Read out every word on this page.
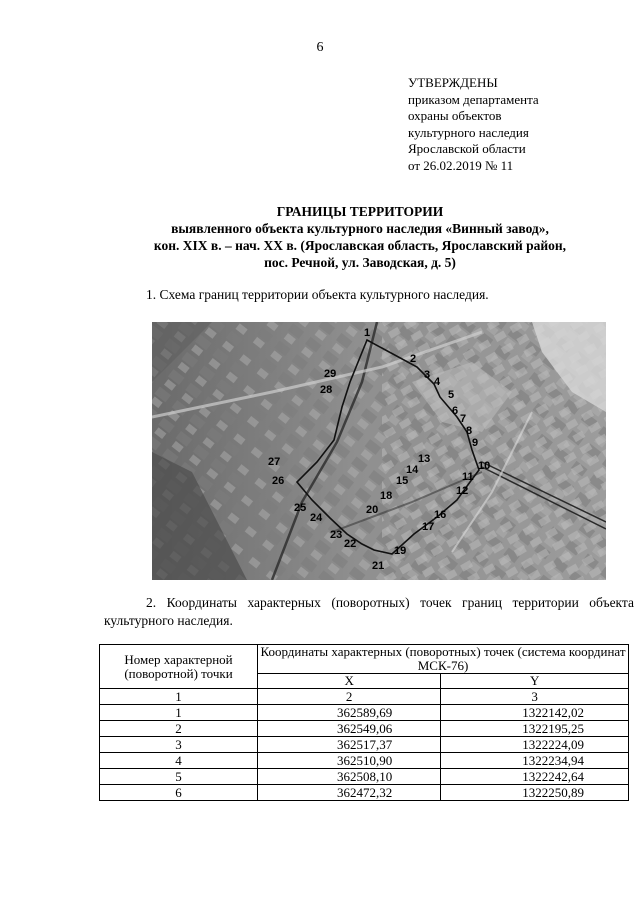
6
УТВЕРЖДЕНЫ
приказом департамента
охраны объектов
культурного наследия
Ярославской области
от 26.02.2019 № 11
ГРАНИЦЫ ТЕРРИТОРИИ
выявленного объекта культурного наследия «Винный завод»,
кон. XIX в. – нач. XX в. (Ярославская область, Ярославский район,
пос. Речной, ул. Заводская, д. 5)
1. Схема границ территории объекта культурного наследия.
1
2
3
4
5
6
7
8
9
10
11
12
13
14
15
16
17
18
19
20
21
22
23
24
25
26
27
28
29
2. Координаты характерных (поворотных) точек границ территории объекта культурного наследия.
Номер характерной (поворотной) точки	Координаты характерных (поворотных) точек (система координат МСК-76)	
	X	Y
1	2	3
1	362589,69	1322142,02
2	362549,06	1322195,25
3	362517,37	1322224,09
4	362510,90	1322234,94
5	362508,10	1322242,64
6	362472,32	1322250,89
